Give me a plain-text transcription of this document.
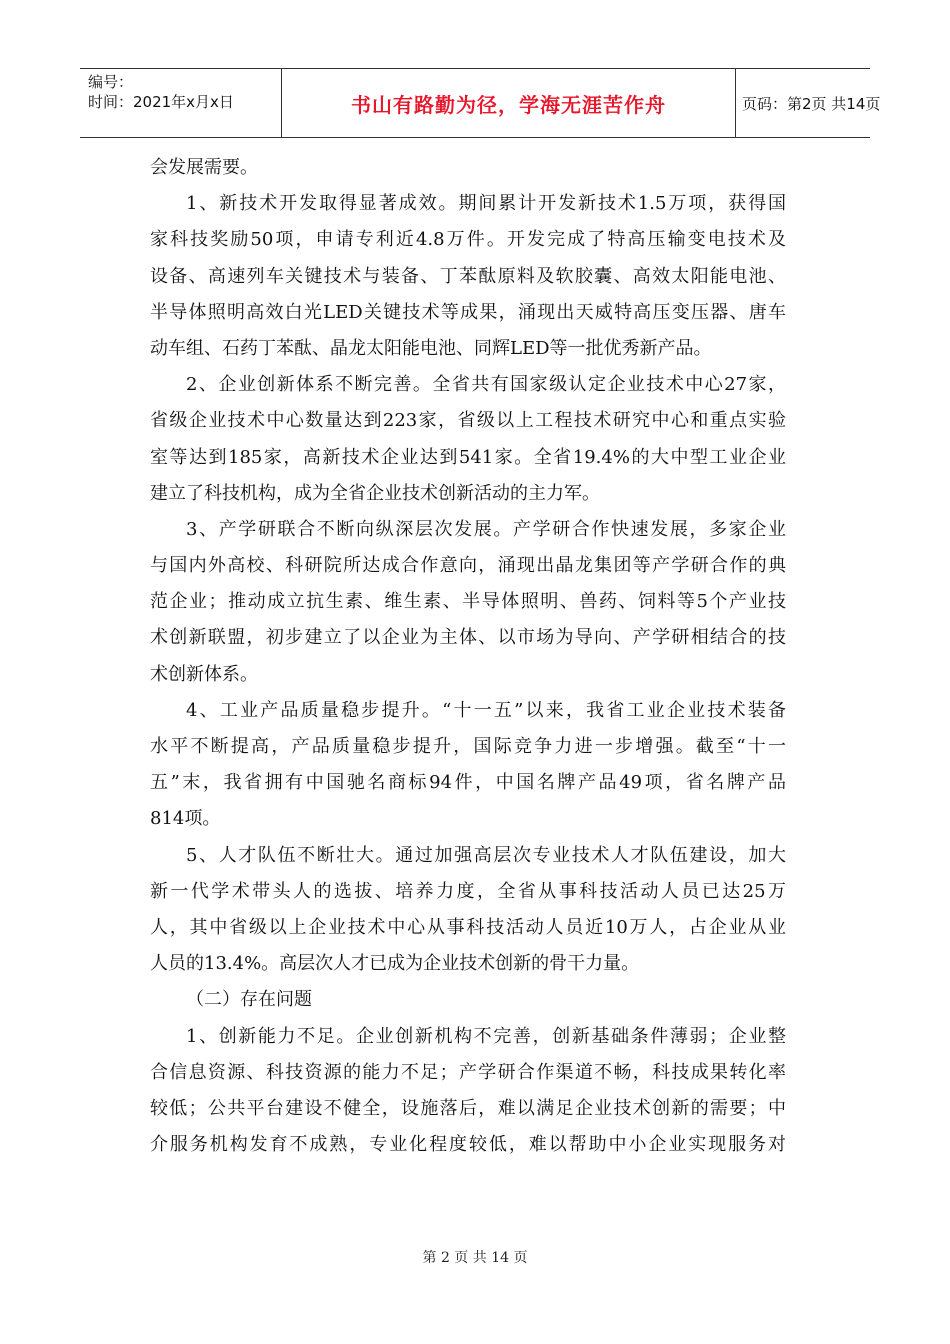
编号：
时间：2021年x月x日	书山有路勤为径，学海无涯苦作舟	页码：第2页 共14页
会发展需要。
1、新技术开发取得显著成效。期间累计开发新技术1.5万项，获得国
家科技奖励50项，申请专利近4.8万件。开发完成了特高压输变电技术及
设备、高速列车关键技术与装备、丁苯酞原料及软胶囊、高效太阳能电池、
半导体照明高效白光LED关键技术等成果，涌现出天威特高压变压器、唐车
动车组、石药丁苯酞、晶龙太阳能电池、同辉LED等一批优秀新产品。
2、企业创新体系不断完善。全省共有国家级认定企业技术中心27家，
省级企业技术中心数量达到223家，省级以上工程技术研究中心和重点实验
室等达到185家，高新技术企业达到541家。全省19.4%的大中型工业企业
建立了科技机构，成为全省企业技术创新活动的主力军。
3、产学研联合不断向纵深层次发展。产学研合作快速发展，多家企业
与国内外高校、科研院所达成合作意向，涌现出晶龙集团等产学研合作的典
范企业；推动成立抗生素、维生素、半导体照明、兽药、饲料等5个产业技
术创新联盟，初步建立了以企业为主体、以市场为导向、产学研相结合的技
术创新体系。
4、工业产品质量稳步提升。“十一五”以来，我省工业企业技术装备
水平不断提高，产品质量稳步提升，国际竞争力进一步增强。截至“十一
五”末，我省拥有中国驰名商标94件，中国名牌产品49项，省名牌产品
814项。
5、人才队伍不断壮大。通过加强高层次专业技术人才队伍建设，加大
新一代学术带头人的选拔、培养力度，全省从事科技活动人员已达25万
人，其中省级以上企业技术中心从事科技活动人员近10万人，占企业从业
人员的13.4%。高层次人才已成为企业技术创新的骨干力量。
（二）存在问题
1、创新能力不足。企业创新机构不完善，创新基础条件薄弱；企业整
合信息资源、科技资源的能力不足；产学研合作渠道不畅，科技成果转化率
较低；公共平台建设不健全，设施落后，难以满足企业技术创新的需要；中
介服务机构发育不成熟，专业化程度较低，难以帮助中小企业实现服务对
第 2 页 共 14 页
